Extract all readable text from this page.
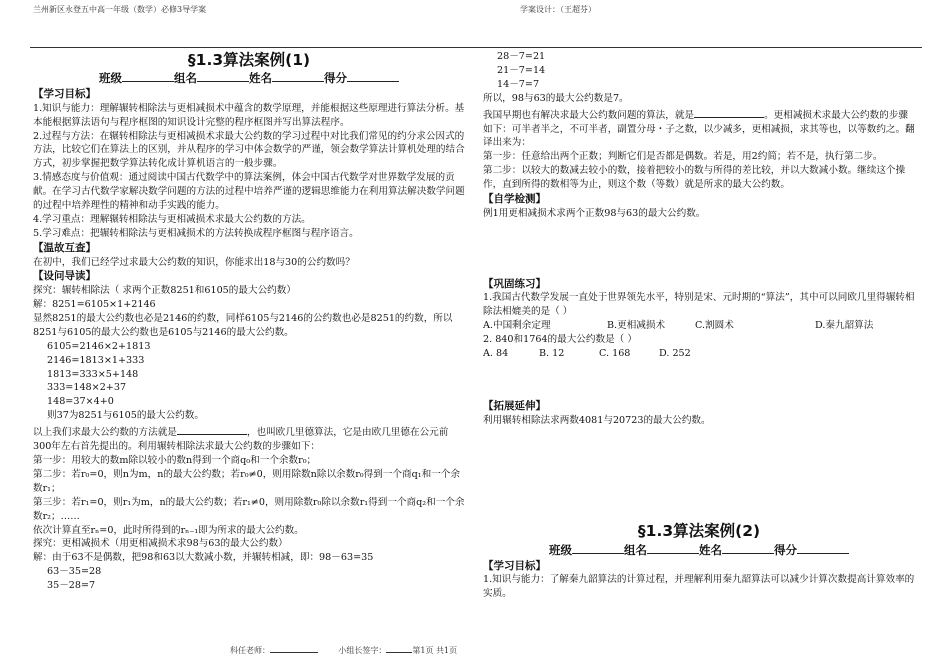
兰州新区永登五中高一年级（数学）必修3导学案	学案设计：（王超芬）
§1.3算法案例(1)
班级	组名	姓名	得分
【学习目标】

1.知识与能力：理解辗转相除法与更相减损术中蕴含的数学原理，并能根据这些原理进行算法分析。基本能根据算法语句与程序框图的知识设计完整的程序框图并写出算法程序。

2.过程与方法：在辗转相除法与更相减损术求最大公约数的学习过程中对比我们常见的约分求公因式的方法，比较它们在算法上的区别，并从程序的学习中体会数学的严谨，领会数学算法计算机处理的结合方式，初步掌握把数学算法转化成计算机语言的一般步骤。

3.情感态度与价值观：通过阅读中国古代数学中的算法案例，体会中国古代数学对世界数学发展的贡献。在学习古代数学家解决数学问题的方法的过程中培养严谨的逻辑思维能力在利用算法解决数学问题的过程中培养理性的精神和动手实践的能力。

4.学习重点：理解辗转相除法与更相减损术求最大公约数的方法。

5.学习难点：把辗转相除法与更相减损术的方法转换成程序框图与程序语言。

【温故互查】

在初中，我们已经学过求最大公约数的知识，你能求出18与30的公约数吗？

【设问导读】

探究：辗转相除法（ 求两个正数8251和6105的最大公约数）

解：8251=6105×1+2146

显然8251的最大公约数也必是2146的约数，同样6105与2146的公约数也必是8251的约数，所以8251与6105的最大公约数也是6105与2146的最大公约数。

6105=2146×2+1813

2146=1813×1+333

1813=333×5+148

333=148×2+37

148=37×4+0

则37为8251与6105的最大公约数。

以上我们求最大公约数的方法就是	，也叫欧几里德算法，它是由欧几里德在公元前300年左右首先提出的。利用辗转相除法求最大公约数的步骤如下：

第一步：用较大的数m除以较小的数n得到一个商q₀和一个余数r₀；

第二步：若r₀=0，则n为m，n的最大公约数；若r₀≠0，则用除数n除以余数r₀得到一个商q₁和一个余数r₁；

第三步：若r₁=0，则r₁为m，n的最大公约数；若r₁≠0，则用除数r₀除以余数r₁得到一个商q₂和一个余数r₂；……

依次计算直至rₙ=0，此时所得到的rₙ₋₁即为所求的最大公约数。

探究：更相减损术（用更相减损术求98与63的最大公约数）

解：由于63不是偶数，把98和63以大数减小数，并辗转相减，即：98－63=35

63－35=28

35－28=7

28－7=21

21－7=14

14－7=7

所以，98与63的最大公约数是7。

我国早期也有解决求最大公约数问题的算法，就是	。更相减损术求最大公约数的步骤如下：可半者半之，不可半者，副置分母・子之数，以少减多，更相减损，求其等也，以等数约之。翻译出来为：

第一步：任意给出两个正数；判断它们是否都是偶数。若是，用2约简；若不是，执行第二步。

第二步：以较大的数减去较小的数，接着把较小的数与所得的差比较，并以大数减小数。继续这个操作，直到所得的数相等为止，则这个数（等数）就是所求的最大公约数。

【自学检测】

例1用更相减损术求两个正数98与63的最大公约数。

【巩固练习】

1.我国古代数学发展一直处于世界领先水平，特别是宋、元时期的“算法”，其中可以同欧几里得辗转相除法相媲美的是（ ）

A.中国剩余定理	B.更相减损术	C.割圆术	D.秦九韶算法

2. 840和1764的最大公约数是（ ）

A. 84	B. 12	C. 168	D. 252
【拓展延伸】

利用辗转相除法求两数4081与20723的最大公约数。

§1.3算法案例(2)
班级	组名	姓名	得分
【学习目标】

1.知识与能力：了解秦九韶算法的计算过程，并理解利用秦九韶算法可以减少计算次数提高计算效率的实质。

科任老师：	小组长签字：	第1页 共1页
